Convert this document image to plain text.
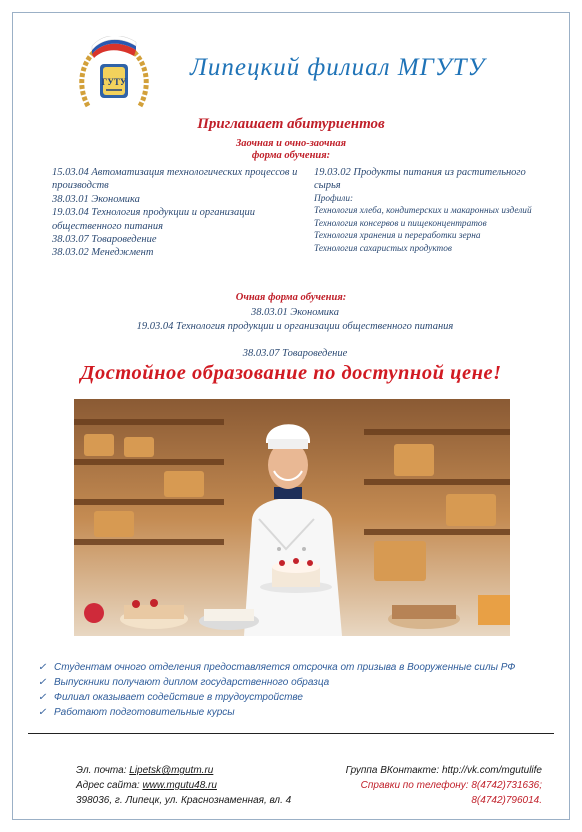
ГУТУ
Липецкий филиал МГУТУ
Приглашает абитуриентов
Заочная и очно-заочная
форма обучения:
15.03.04 Автоматизация технологических процессов и производств
38.03.01 Экономика
19.03.04 Технология продукции и организации общественного питания
38.03.07 Товароведение
38.03.02 Менеджмент
19.03.02 Продукты питания из растительного сырья
Профили:
Технология хлеба, кондитерских и макаронных изделий
Технология консервов и пищеконцентратов
Технология хранения и переработки зерна
Технология сахаристых продуктов
Очная форма обучения:
38.03.01 Экономика
19.03.04 Технология продукции и организации общественного питания
38.03.07 Товароведение
Достойное образование по доступной цене!
✓ Студентам очного отделения предоставляется отсрочка от призыва в Вооруженные силы РФ
✓ Выпускники получают диплом государственного образца
✓ Филиал оказывает содействие в трудоустройстве
✓ Работают подготовительные курсы
Эл. почта: Lipetsk@mgutm.ru
Адрес сайта: www.mgutu48.ru
398036, г. Липецк, ул. Краснознаменная, вл. 4
Группа ВКонтакте: http://vk.com/mgutulife
Справки по телефону: 8(4742)731636;
8(4742)796014.
